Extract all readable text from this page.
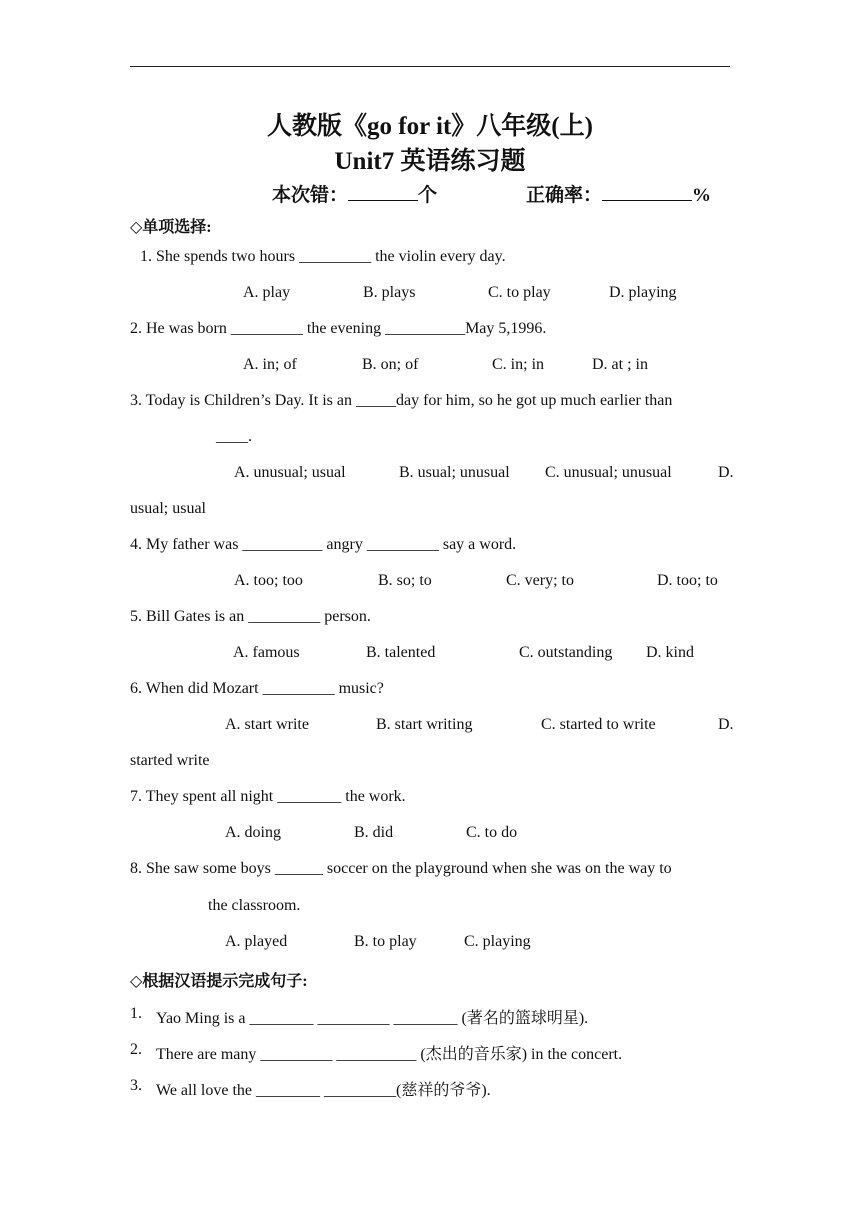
人教版《go for it》八年级(上)
Unit7 英语练习题
本次错：	个	正确率：	%
◇单项选择:
1. She spends two hours _________ the violin every day.
A. play	B. plays	C. to play	D. playing
2. He was born _________ the evening __________May 5,1996.
A. in; of	B. on; of	C. in; in	D. at ; in
3. Today is Children’s Day. It is an _____day for him, so he got up much earlier than
____.
A. unusual; usual	B. usual; unusual C. unusual; unusual	D.
usual; usual
4. My father was __________ angry _________ say a word.
A. too; too	B. so; to	C. very; to	D. too; to
5. Bill Gates is an _________ person.
A. famous	B. talented	C. outstanding D. kind
6. When did Mozart _________ music?
A. start write	B. start writing	C. started to write	D.
started write
7. They spent all night ________ the work.
A. doing	B. did	C. to do
8. She saw some boys ______ soccer on the playground when she was on the way to
the classroom.
A. played	B. to play	C. playing
◇根据汉语提示完成句子:
1. Yao Ming is a ________ _________ ________ (著名的篮球明星).
2. There are many _________ __________ (杰出的音乐家) in the concert.
3. We all love the ________ _________(慈祥的爷爷).
